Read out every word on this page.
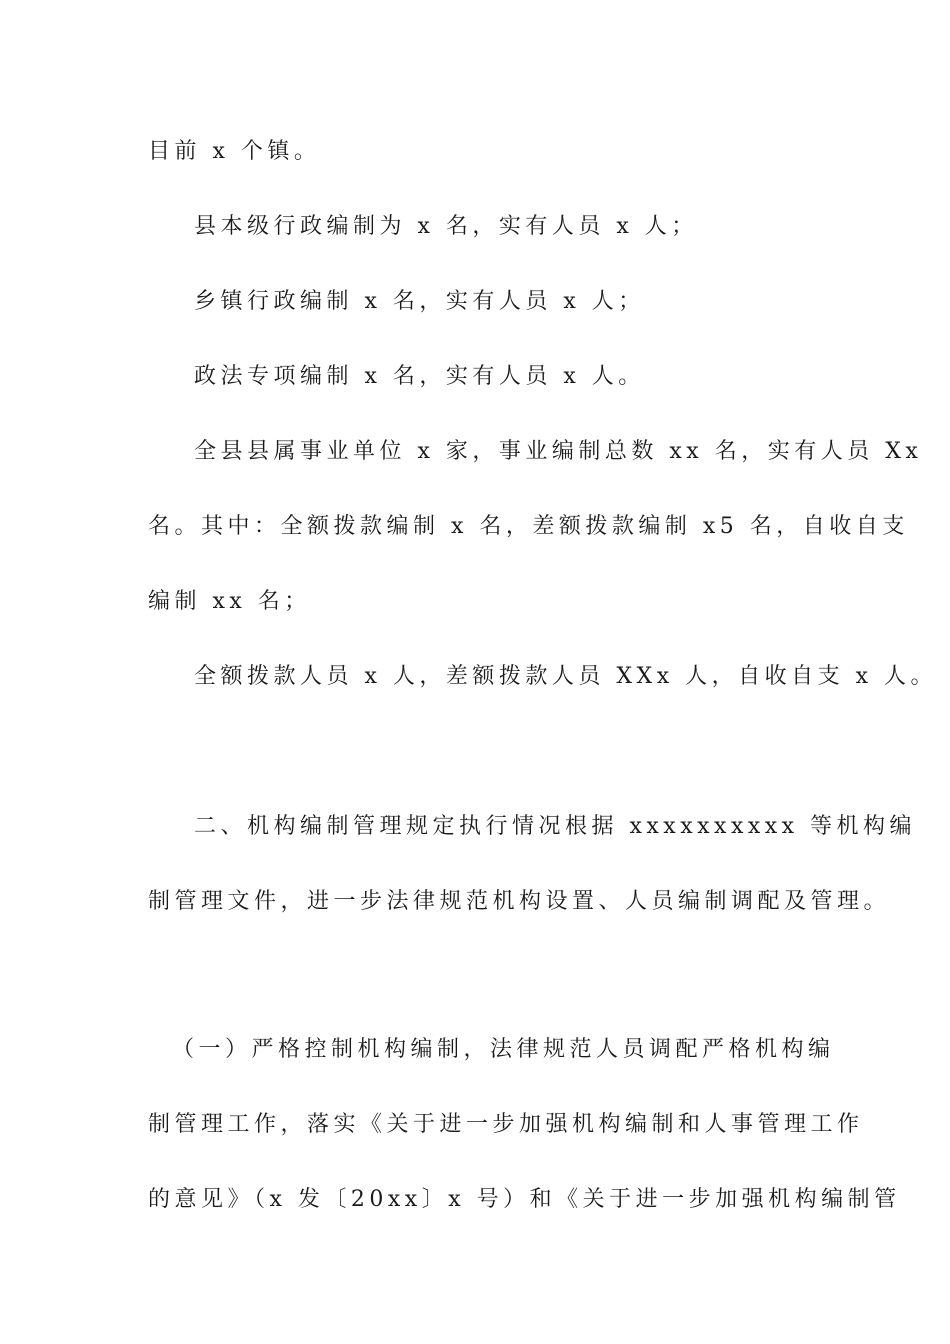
目前 x 个镇。
县本级行政编制为 x 名，实有人员 x 人；
乡镇行政编制 x 名，实有人员 x 人；
政法专项编制 x 名，实有人员 x 人。
全县县属事业单位 x 家，事业编制总数 xx 名，实有人员 Xx
名。其中：全额拨款编制 x 名，差额拨款编制 x5 名，自收自支
编制 xx 名；
全额拨款人员 x 人，差额拨款人员 XXx 人，自收自支 x 人。
二、机构编制管理规定执行情况根据 xxxxxxxxxx 等机构编
制管理文件，进一步法律规范机构设置、人员编制调配及管理。
（一）严格控制机构编制，法律规范人员调配严格机构编
制管理工作，落实《关于进一步加强机构编制和人事管理工作
的意见》（x 发〔20xx〕x 号）和《关于进一步加强机构编制管
